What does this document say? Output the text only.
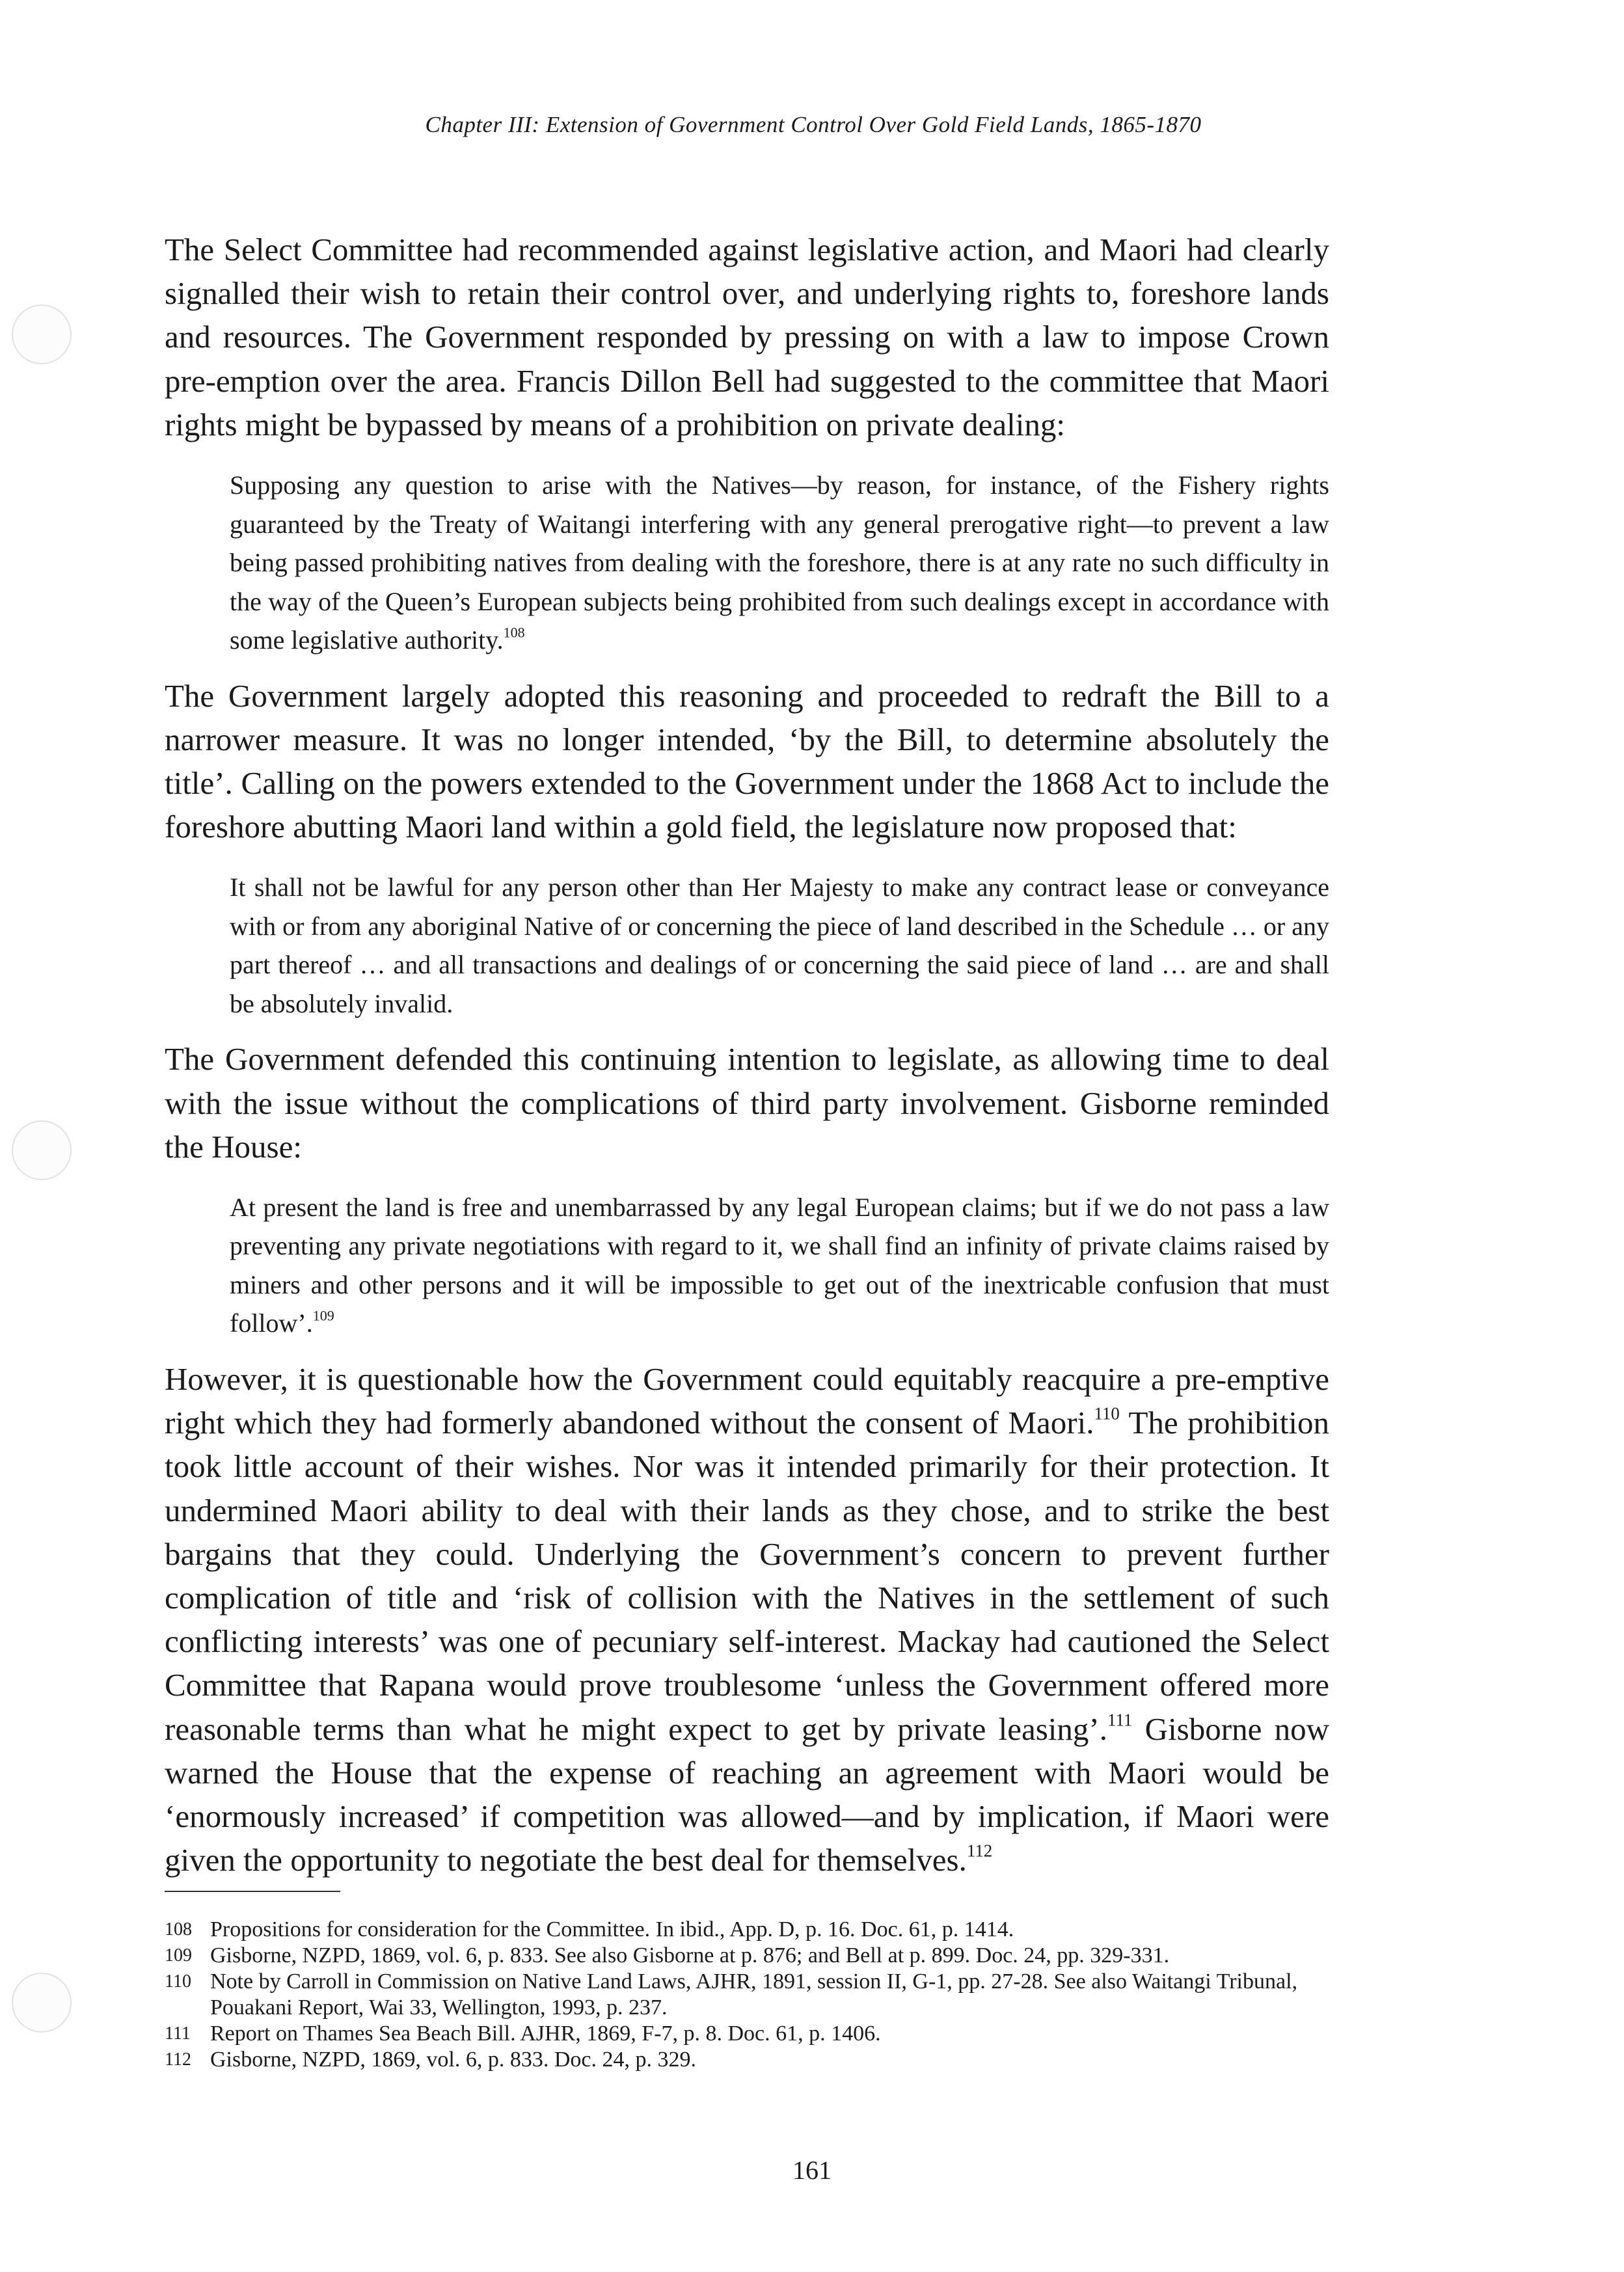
Chapter III: Extension of Government Control Over Gold Field Lands, 1865-1870

The Select Committee had recommended against legislative action, and Maori had clearly signalled their wish to retain their control over, and underlying rights to, foreshore lands and resources. The Government responded by pressing on with a law to impose Crown pre-emption over the area. Francis Dillon Bell had suggested to the committee that Maori rights might be bypassed by means of a prohibition on private dealing:

Supposing any question to arise with the Natives—by reason, for instance, of the Fishery rights guaranteed by the Treaty of Waitangi interfering with any general prerogative right—to prevent a law being passed prohibiting natives from dealing with the foreshore, there is at any rate no such difficulty in the way of the Queen’s European subjects being prohibited from such dealings except in accordance with some legislative authority.$^{108}$

The Government largely adopted this reasoning and proceeded to redraft the Bill to a narrower measure. It was no longer intended, ‘by the Bill, to determine absolutely the title’. Calling on the powers extended to the Government under the 1868 Act to include the foreshore abutting Maori land within a gold field, the legislature now proposed that:

It shall not be lawful for any person other than Her Majesty to make any contract lease or conveyance with or from any aboriginal Native of or concerning the piece of land described in the Schedule … or any part thereof … and all transactions and dealings of or concerning the said piece of land … are and shall be absolutely invalid.

The Government defended this continuing intention to legislate, as allowing time to deal with the issue without the complications of third party involvement. Gisborne reminded the House:

At present the land is free and unembarrassed by any legal European claims; but if we do not pass a law preventing any private negotiations with regard to it, we shall find an infinity of private claims raised by miners and other persons and it will be impossible to get out of the inextricable confusion that must follow’.$^{109}$

However, it is questionable how the Government could equitably reacquire a pre-emptive right which they had formerly abandoned without the consent of Maori.$^{110}$ The prohibition took little account of their wishes. Nor was it intended primarily for their protection. It undermined Maori ability to deal with their lands as they chose, and to strike the best bargains that they could. Underlying the Government’s concern to prevent further complication of title and ‘risk of collision with the Natives in the settlement of such conflicting interests’ was one of pecuniary self-interest. Mackay had cautioned the Select Committee that Rapana would prove troublesome ‘unless the Government offered more reasonable terms than what he might expect to get by private leasing’.$^{111}$ Gisborne now warned the House that the expense of reaching an agreement with Maori would be ‘enormously increased’ if competition was allowed—and by implication, if Maori were given the opportunity to negotiate the best deal for themselves.$^{112}$

108 Propositions for consideration for the Committee. In ibid., App. D, p. 16. Doc. 61, p. 1414.
109 Gisborne, NZPD, 1869, vol. 6, p. 833. See also Gisborne at p. 876; and Bell at p. 899. Doc. 24, pp. 329-331.
110 Note by Carroll in Commission on Native Land Laws, AJHR, 1891, session II, G-1, pp. 27-28. See also Waitangi Tribunal, Pouakani Report, Wai 33, Wellington, 1993, p. 237.
111 Report on Thames Sea Beach Bill. AJHR, 1869, F-7, p. 8. Doc. 61, p. 1406.
112 Gisborne, NZPD, 1869, vol. 6, p. 833. Doc. 24, p. 329.
161
